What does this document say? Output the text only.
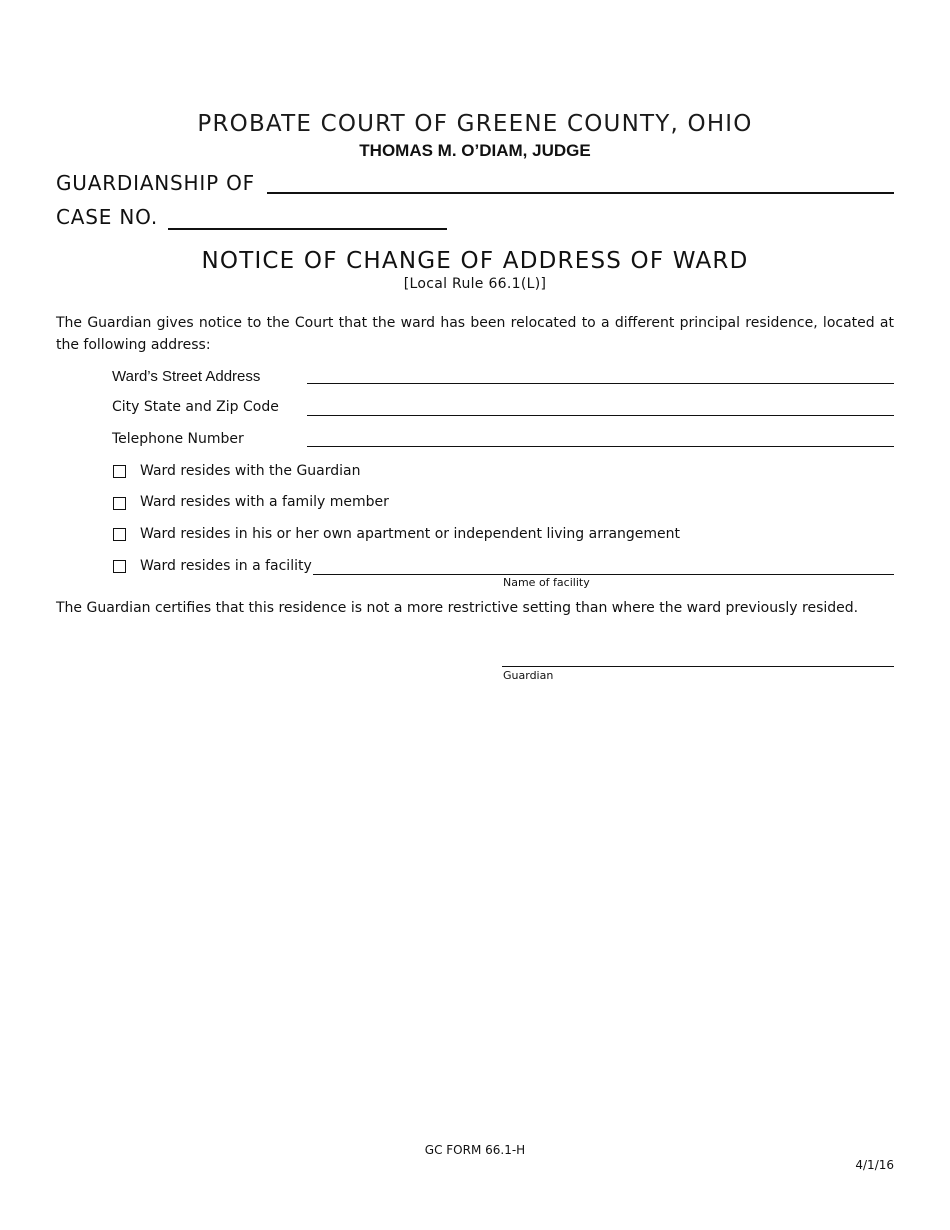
PROBATE COURT OF GREENE COUNTY, OHIO
THOMAS M. O’DIAM, JUDGE
GUARDIANSHIP OF
CASE NO.
NOTICE OF CHANGE OF ADDRESS OF WARD
[Local Rule 66.1(L)]
The Guardian gives notice to the Court that the ward has been relocated to a different principal residence, located at the following address:
Ward’s Street Address
City State and Zip Code
Telephone Number
Ward resides with the Guardian
Ward resides with a family member
Ward resides in his or her own apartment or independent living arrangement
Ward resides in a facility
Name of facility
The Guardian certifies that this residence is not a more restrictive setting than where the ward previously resided.
Guardian
GC FORM 66.1-H
4/1/16
